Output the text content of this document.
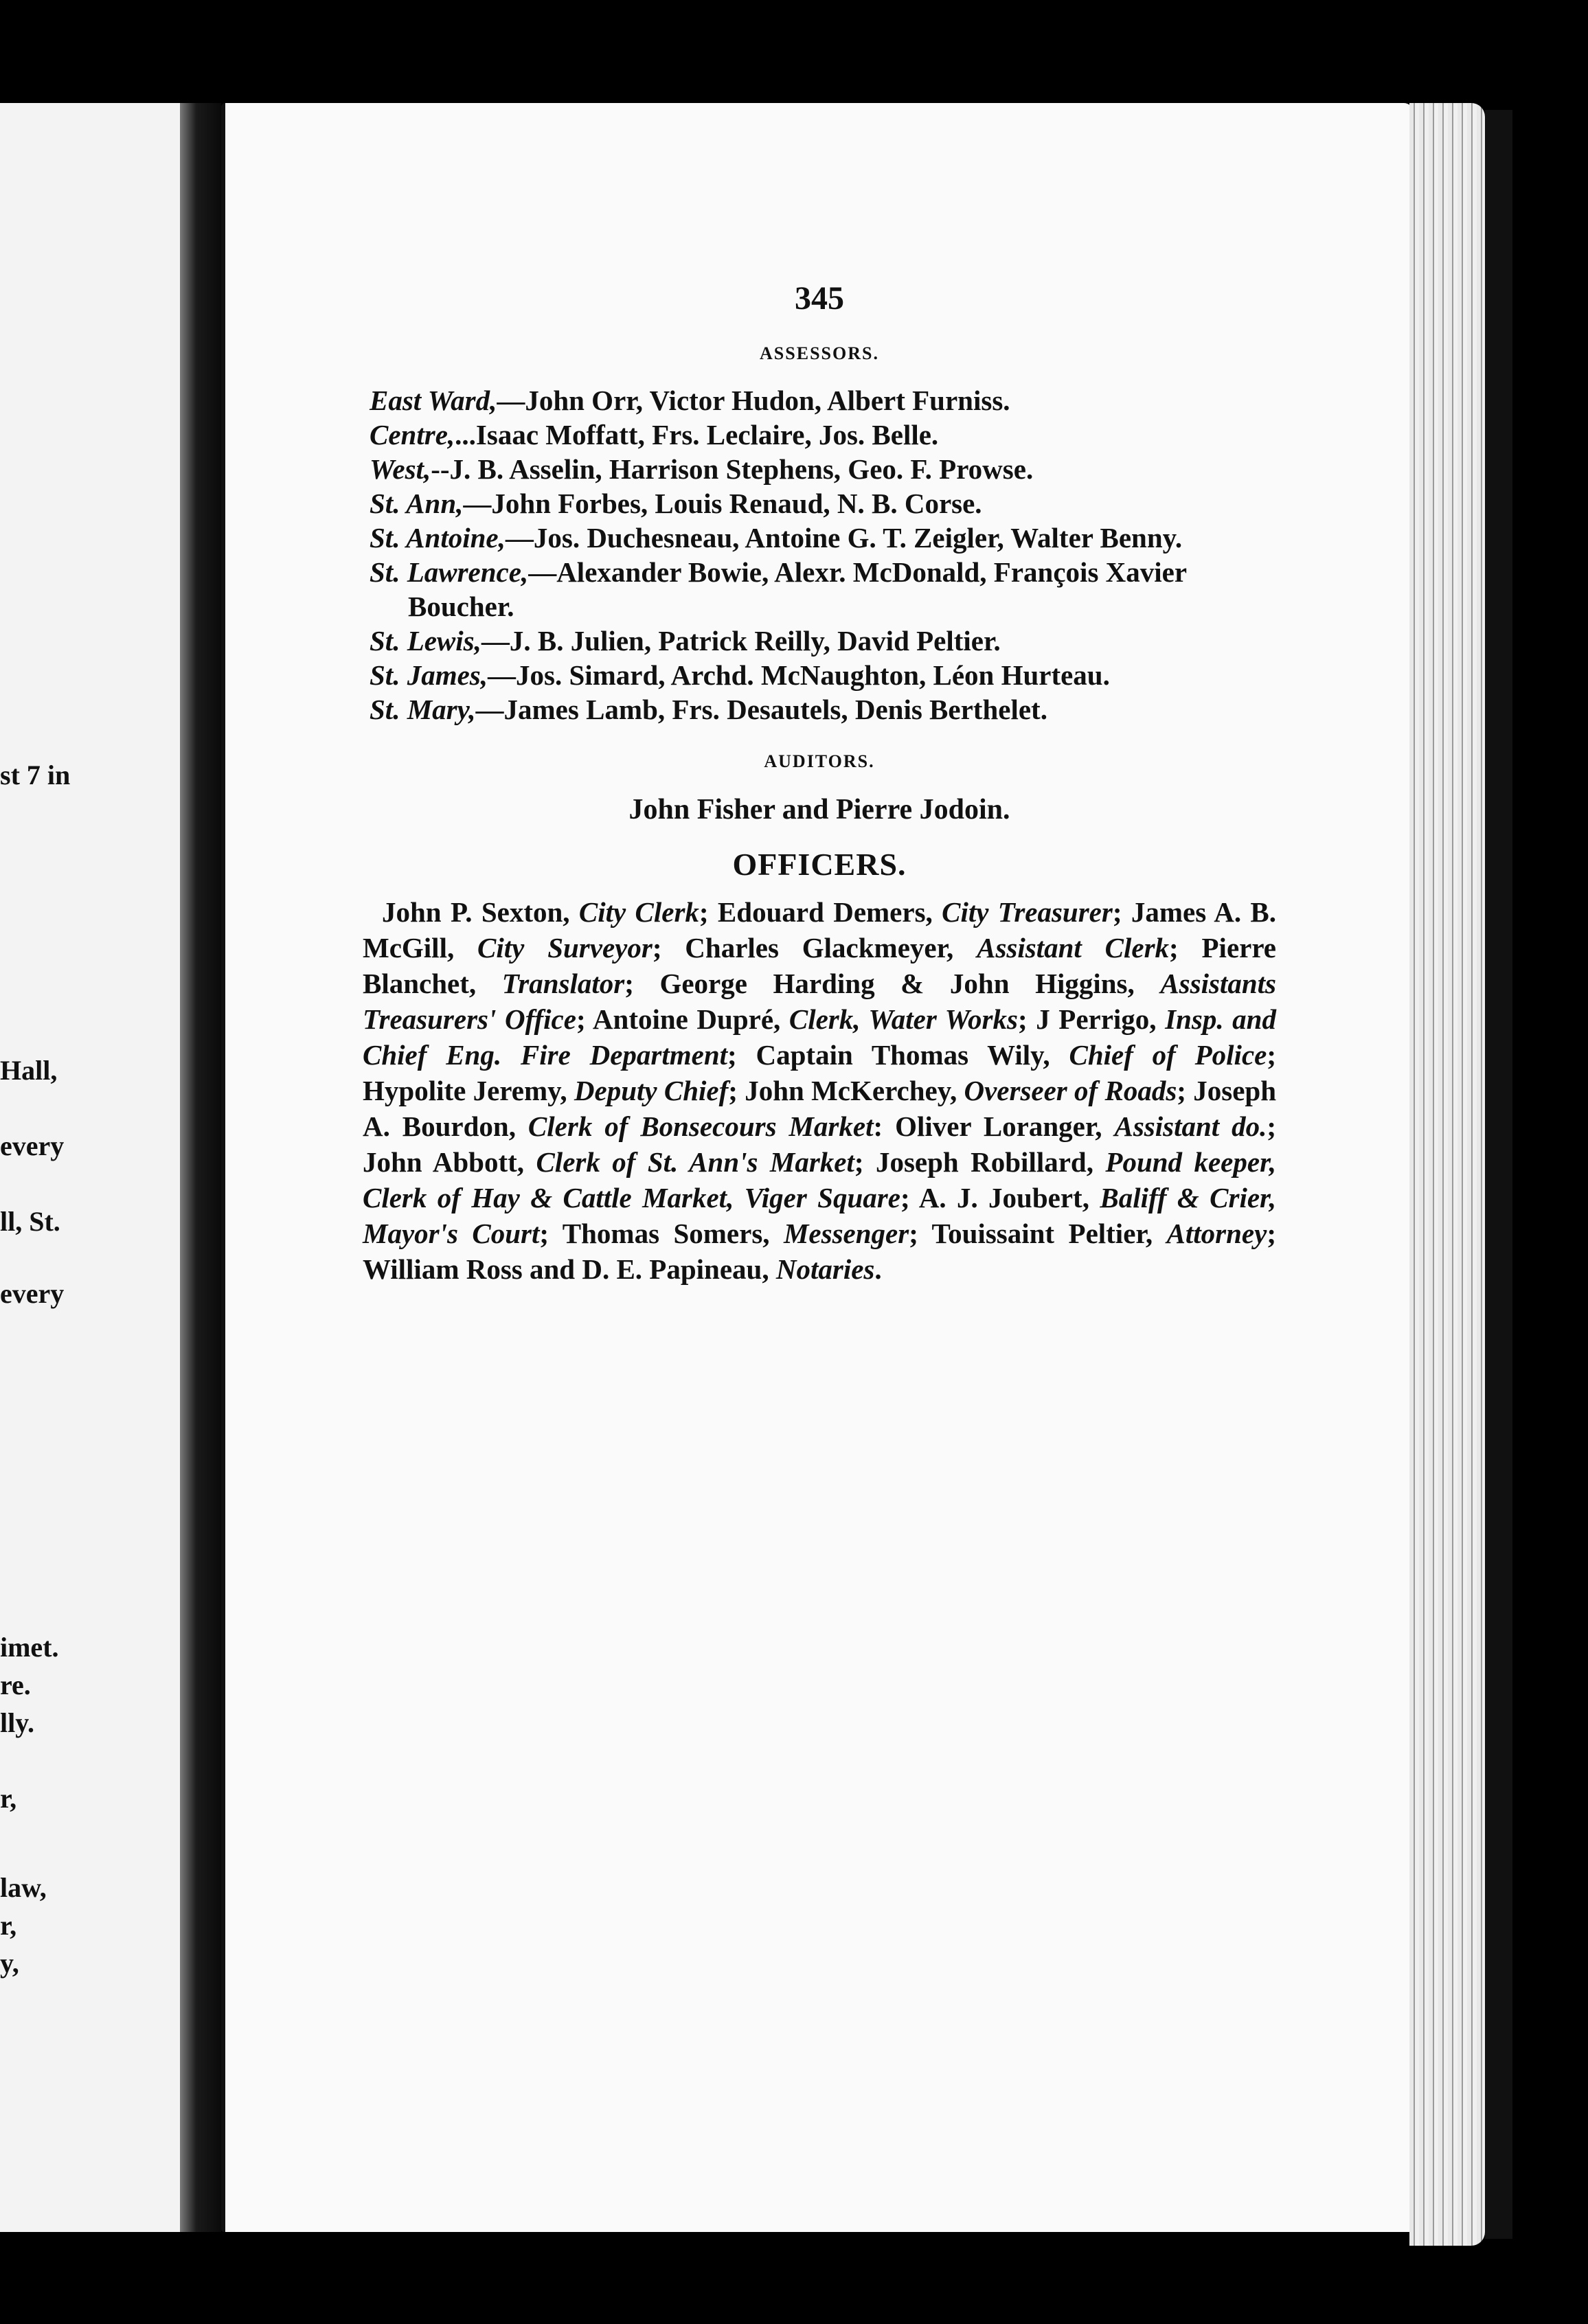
st 7 in
Hall,
every
ll, St.
every
imet.
re.
lly.
r,
law,
r,
y,
345
ASSESSORS.
East Ward,—John Orr, Victor Hudon, Albert Furniss.
Centre,...Isaac Moffatt, Frs. Leclaire, Jos. Belle.
West,--J. B. Asselin, Harrison Stephens, Geo. F. Prowse.
St. Ann,—John Forbes, Louis Renaud, N. B. Corse.
St. Antoine,—Jos. Duchesneau, Antoine G. T. Zeigler, Walter Benny.
St. Lawrence,—Alexander Bowie, Alexr. McDonald, François Xavier Boucher.
St. Lewis,—J. B. Julien, Patrick Reilly, David Peltier.
St. James,—Jos. Simard, Archd. McNaughton, Léon Hurteau.
St. Mary,—James Lamb, Frs. Desautels, Denis Berthelet.
AUDITORS.
John Fisher and Pierre Jodoin.
OFFICERS.
John P. Sexton, City Clerk; Edouard Demers, City Treasurer; James A. B. McGill, City Surveyor; Charles Glackmeyer, Assistant Clerk; Pierre Blanchet, Translator; George Harding & John Higgins, Assistants Treasurers' Office; Antoine Dupré, Clerk, Water Works; J Perrigo, Insp. and Chief Eng. Fire Department; Captain Thomas Wily, Chief of Police; Hypolite Jeremy, Deputy Chief; John McKerchey, Overseer of Roads; Joseph A. Bourdon, Clerk of Bonsecours Market: Oliver Loranger, Assistant do.; John Abbott, Clerk of St. Ann's Market; Joseph Robillard, Pound keeper, Clerk of Hay & Cattle Market, Viger Square; A. J. Joubert, Baliff & Crier, Mayor's Court; Thomas Somers, Messenger; Touissaint Peltier, Attorney; William Ross and D. E. Papineau, Notaries.
